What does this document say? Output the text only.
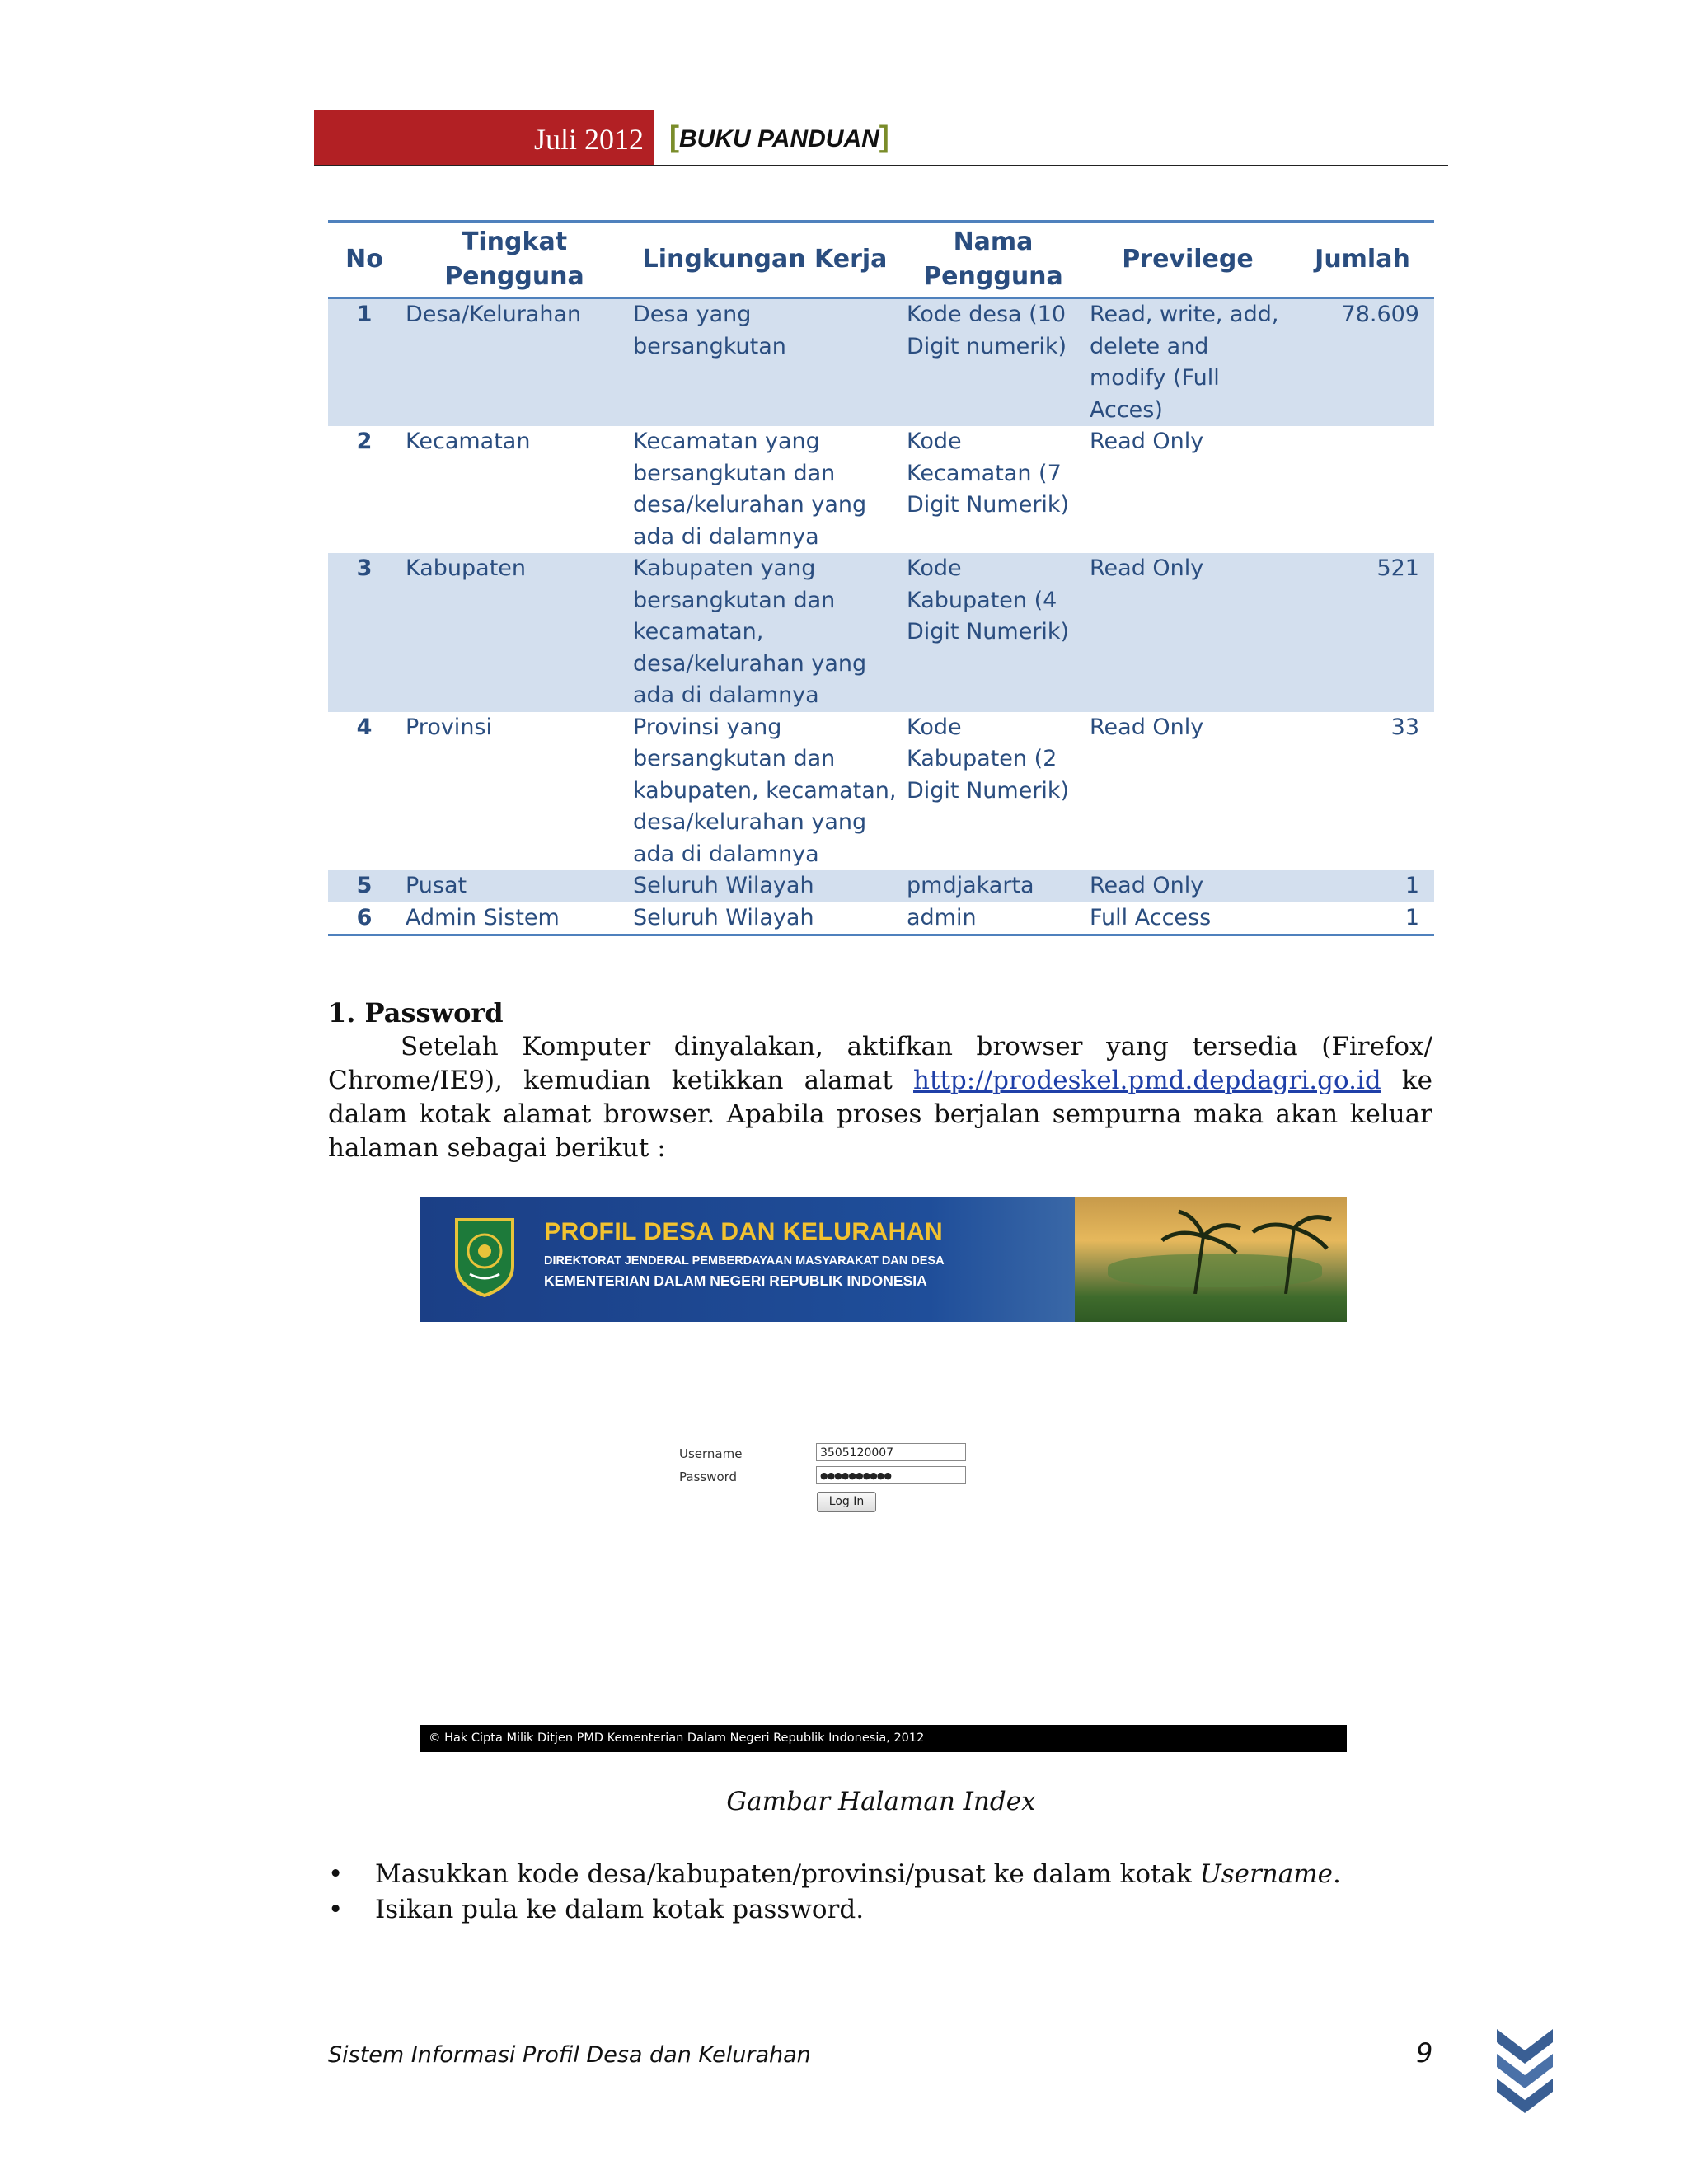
Juli 2012 [BUKU PANDUAN]
No	Tingkat Pengguna	Lingkungan Kerja	Nama Pengguna	Previlege	Jumlah
1	Desa/Kelurahan	Desa yang bersangkutan	Kode desa (10 Digit numerik)	Read, write, add, delete and modify (Full Acces)	78.609
2	Kecamatan	Kecamatan yang bersangkutan dan desa/kelurahan yang ada di dalamnya	Kode Kecamatan (7 Digit Numerik)	Read Only	
3	Kabupaten	Kabupaten yang bersangkutan dan kecamatan, desa/kelurahan yang ada di dalamnya	Kode Kabupaten (4 Digit Numerik)	Read Only	521
4	Provinsi	Provinsi yang bersangkutan dan kabupaten, kecamatan, desa/kelurahan yang ada di dalamnya	Kode Kabupaten (2 Digit Numerik)	Read Only	33
5	Pusat	Seluruh Wilayah	pmdjakarta	Read Only	1
6	Admin Sistem	Seluruh Wilayah	admin	Full Access	1
1. Password
Setelah Komputer dinyalakan, aktifkan browser yang tersedia (Firefox/ Chrome/IE9), kemudian ketikkan alamat http://prodeskel.pmd.depdagri.go.id ke dalam kotak alamat browser. Apabila proses berjalan sempurna maka akan keluar halaman sebagai berikut :
PROFIL DESA DAN KELURAHAN
DIREKTORAT JENDERAL PEMBERDAYAAN MASYARAKAT DAN DESA
KEMENTERIAN DALAM NEGERI REPUBLIK INDONESIA
Username
Password
3505120007
●●●●●●●●●●
Log In
© Hak Cipta Milik Ditjen PMD Kementerian Dalam Negeri Republik Indonesia, 2012
Gambar Halaman Index
• Masukkan kode desa/kabupaten/provinsi/pusat ke dalam kotak Username.
• Isikan pula ke dalam kotak password.
Sistem Informasi Profil Desa dan Kelurahan	9
